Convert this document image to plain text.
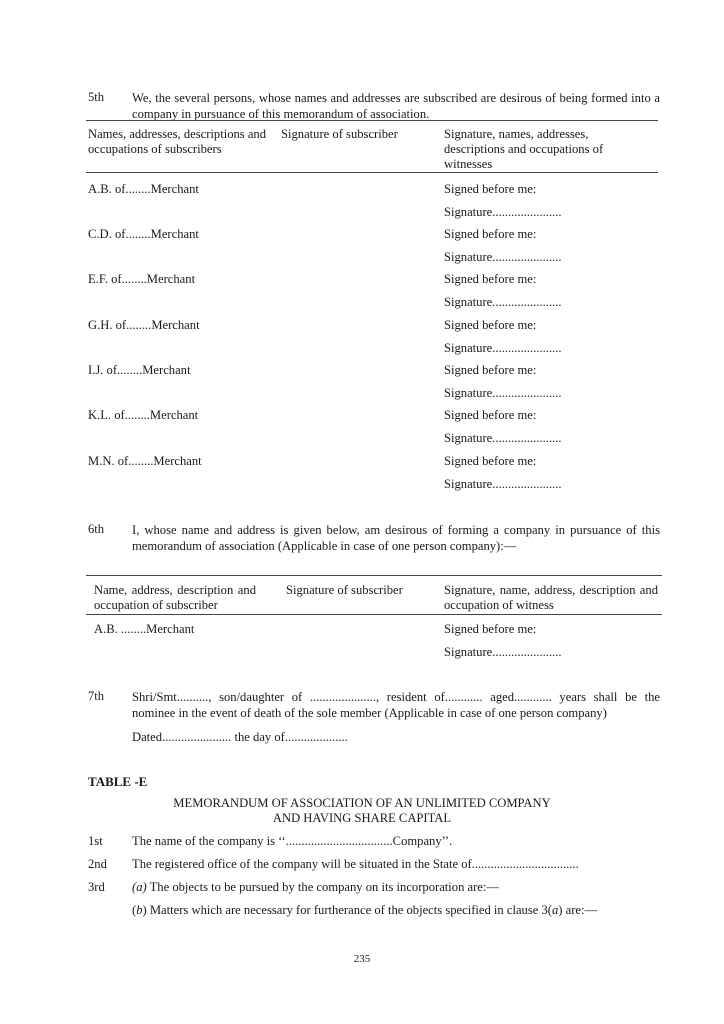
5th We, the several persons, whose names and addresses are subscribed are desirous of being formed into a company in pursuance of this memorandum of association.
Names, addresses, descriptions and occupations of subscribers
Signature of subscriber	Signature, names, addresses, descriptions and occupations of witnesses
A.B. of........Merchant	Signed before me:
Signature......................
C.D. of........Merchant	Signed before me:
Signature......................
E.F. of........Merchant	Signed before me:
Signature......................
G.H. of........Merchant	Signed before me:
Signature......................
I.J. of........Merchant	Signed before me:
Signature......................
K.L. of........Merchant	Signed before me:
Signature......................
M.N. of........Merchant	Signed before me:
Signature......................
6th I, whose name and address is given below, am desirous of forming a company in pursuance of this memorandum of association (Applicable in case of one person company):—
Name, address, description and occupation of subscriber
Signature of subscriber	Signature, name, address, description and occupation of witness
A.B. ........Merchant	Signed before me:
Signature......................
7th Shri/Smt.........., son/daughter of ....................., resident of............ aged............ years shall be the nominee in the event of death of the sole member (Applicable in case of one person company)
Dated...................... the day of....................
TABLE -E
MEMORANDUM OF ASSOCIATION OF AN UNLIMITED COMPANY
AND HAVING SHARE CAPITAL
1st The name of the company is ‘‘..................................Company’’.
2nd The registered office of the company will be situated in the State of..................................
3rd (a) The objects to be pursued by the company on its incorporation are:—
(b) Matters which are necessary for furtherance of the objects specified in clause 3(a) are:—
235
